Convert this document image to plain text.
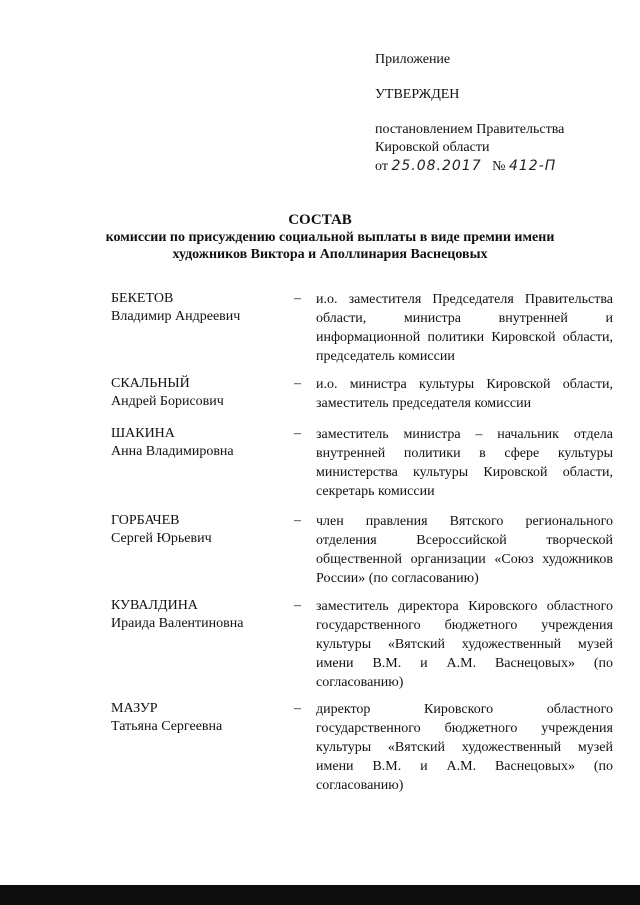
Приложение
УТВЕРЖДЕН
постановлением Правительства
Кировской области
от 25.08.2017 № 412-П
СОСТАВ
комиссии по присуждению социальной выплаты в виде премии имени
художников Виктора и Аполлинария Васнецовых
БЕКЕТОВ
Владимир Андреевич
–	и.о. заместителя Председателя Правительства области, министра внутренней и информационной политики Кировской области, председатель комиссии
СКАЛЬНЫЙ
Андрей Борисович
–	и.о. министра культуры Кировской области, заместитель председателя комиссии
ШАКИНА
Анна Владимировна
–	заместитель министра – начальник отдела внутренней политики в сфере культуры министерства культуры Кировской области, секретарь комиссии
ГОРБАЧЕВ
Сергей Юрьевич
–	член правления Вятского регионального отделения Всероссийской творческой общественной организации «Союз художников России» (по согласованию)
КУВАЛДИНА
Ираида Валентиновна
–	заместитель директора Кировского областного государственного бюджетного учреждения культуры «Вятский художественный музей имени В.М. и А.М. Васнецовых» (по согласованию)
МАЗУР
Татьяна Сергеевна
–	директор Кировского областного государственного бюджетного учреждения культуры «Вятский художественный музей имени В.М. и А.М. Васнецовых» (по согласованию)
